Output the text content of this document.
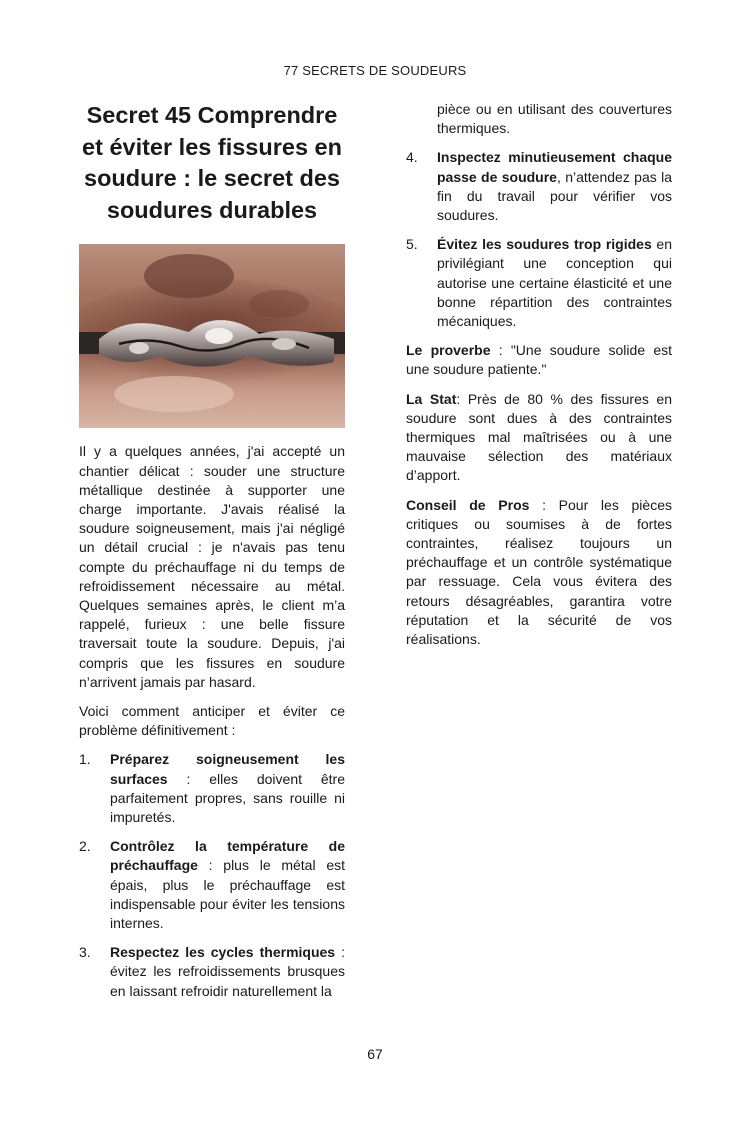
77 SECRETS DE SOUDEURS
Secret 45 Comprendre et éviter les fissures en soudure : le secret des soudures durables

Il y a quelques années, j'ai accepté un chantier délicat : souder une structure métallique destinée à supporter une charge importante. J'avais réalisé la soudure soigneusement, mais j'ai négligé un détail crucial : je n'avais pas tenu compte du préchauffage ni du temps de refroidissement nécessaire au métal. Quelques semaines après, le client m’a rappelé, furieux : une belle fissure traversait toute la soudure. Depuis, j'ai compris que les fissures en soudure n’arrivent jamais par hasard.

Voici comment anticiper et éviter ce problème définitivement :

1. Préparez soigneusement les surfaces : elles doivent être parfaitement propres, sans rouille ni impuretés.
2. Contrôlez la température de préchauffage : plus le métal est épais, plus le préchauffage est indispensable pour éviter les tensions internes.
3. Respectez les cycles thermiques : évitez les refroidissements brusques en laissant refroidir naturellement la
pièce ou en utilisant des couvertures thermiques.
4. Inspectez minutieusement chaque passe de soudure, n’attendez pas la fin du travail pour vérifier vos soudures.
5. Évitez les soudures trop rigides en privilégiant une conception qui autorise une certaine élasticité et une bonne répartition des contraintes mécaniques.

Le proverbe : "Une soudure solide est une soudure patiente."

La Stat: Près de 80 % des fissures en soudure sont dues à des contraintes thermiques mal maîtrisées ou à une mauvaise sélection des matériaux d’apport.

Conseil de Pros : Pour les pièces critiques ou soumises à de fortes contraintes, réalisez toujours un préchauffage et un contrôle systématique par ressuage. Cela vous évitera des retours désagréables, garantira votre réputation et la sécurité de vos réalisations.

67
